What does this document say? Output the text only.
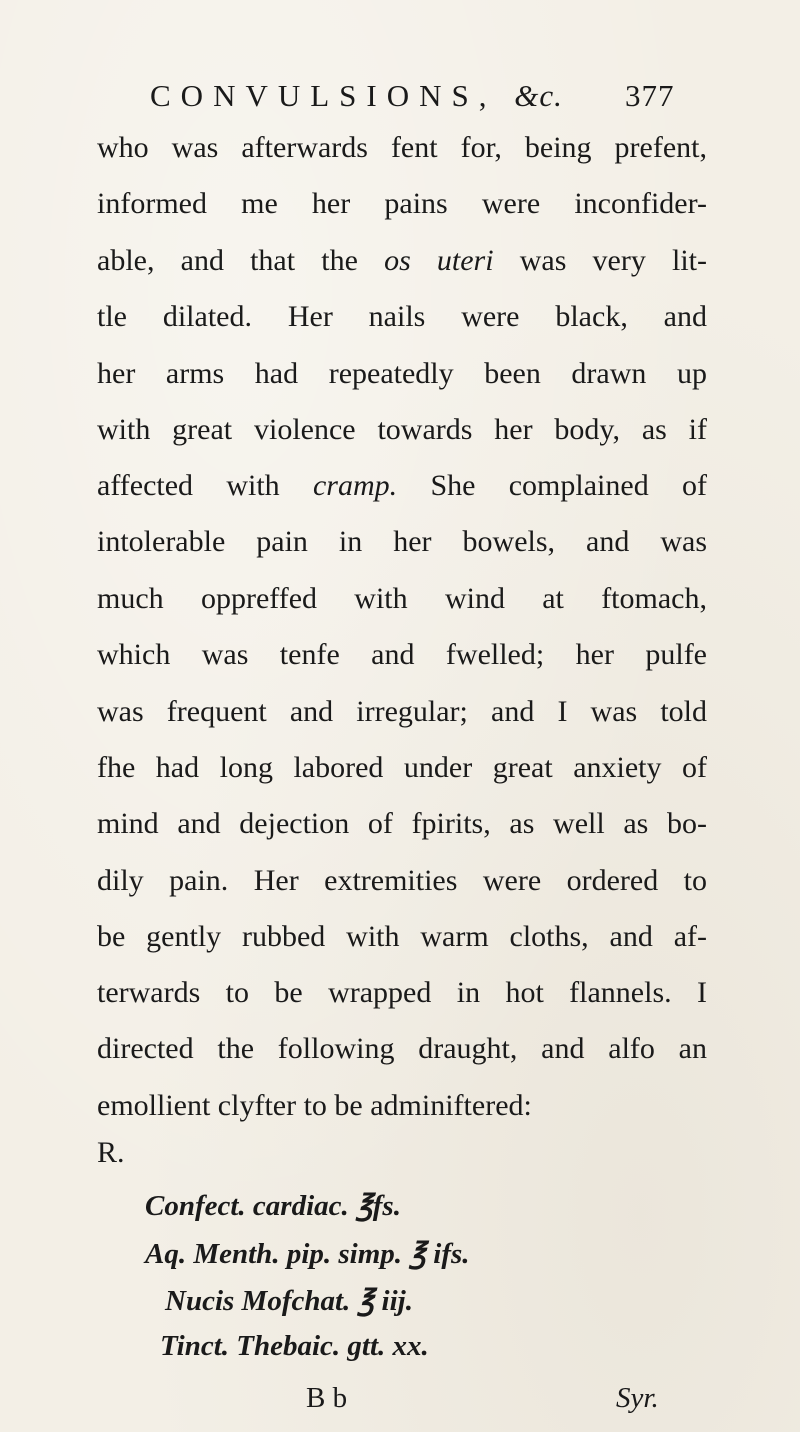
CONVULSIONS, &c. 377
who was afterwards fent for, being prefent,
informed me her pains were inconfider-
able, and that the os uteri was very lit-
tle dilated. Her nails were black, and
her arms had repeatedly been drawn up
with great violence towards her body, as if
affected with cramp. She complained of
intolerable pain in her bowels, and was
much oppreffed with wind at ftomach,
which was tenfe and fwelled; her pulfe
was frequent and irregular; and I was told
fhe had long labored under great anxiety of
mind and dejection of fpirits, as well as bo-
dily pain. Her extremities were ordered to
be gently rubbed with warm cloths, and af-
terwards to be wrapped in hot flannels. I
directed the following draught, and alfo an
emollient clyfter to be adminiftered:
R.
Confect. cardiac. ℥fs.
Aq. Menth. pip. simp. ℥ ifs.
Nucis Mofchat. ℥ iij.
Tinct. Thebaic. gtt. xx.
B b	Syr.
